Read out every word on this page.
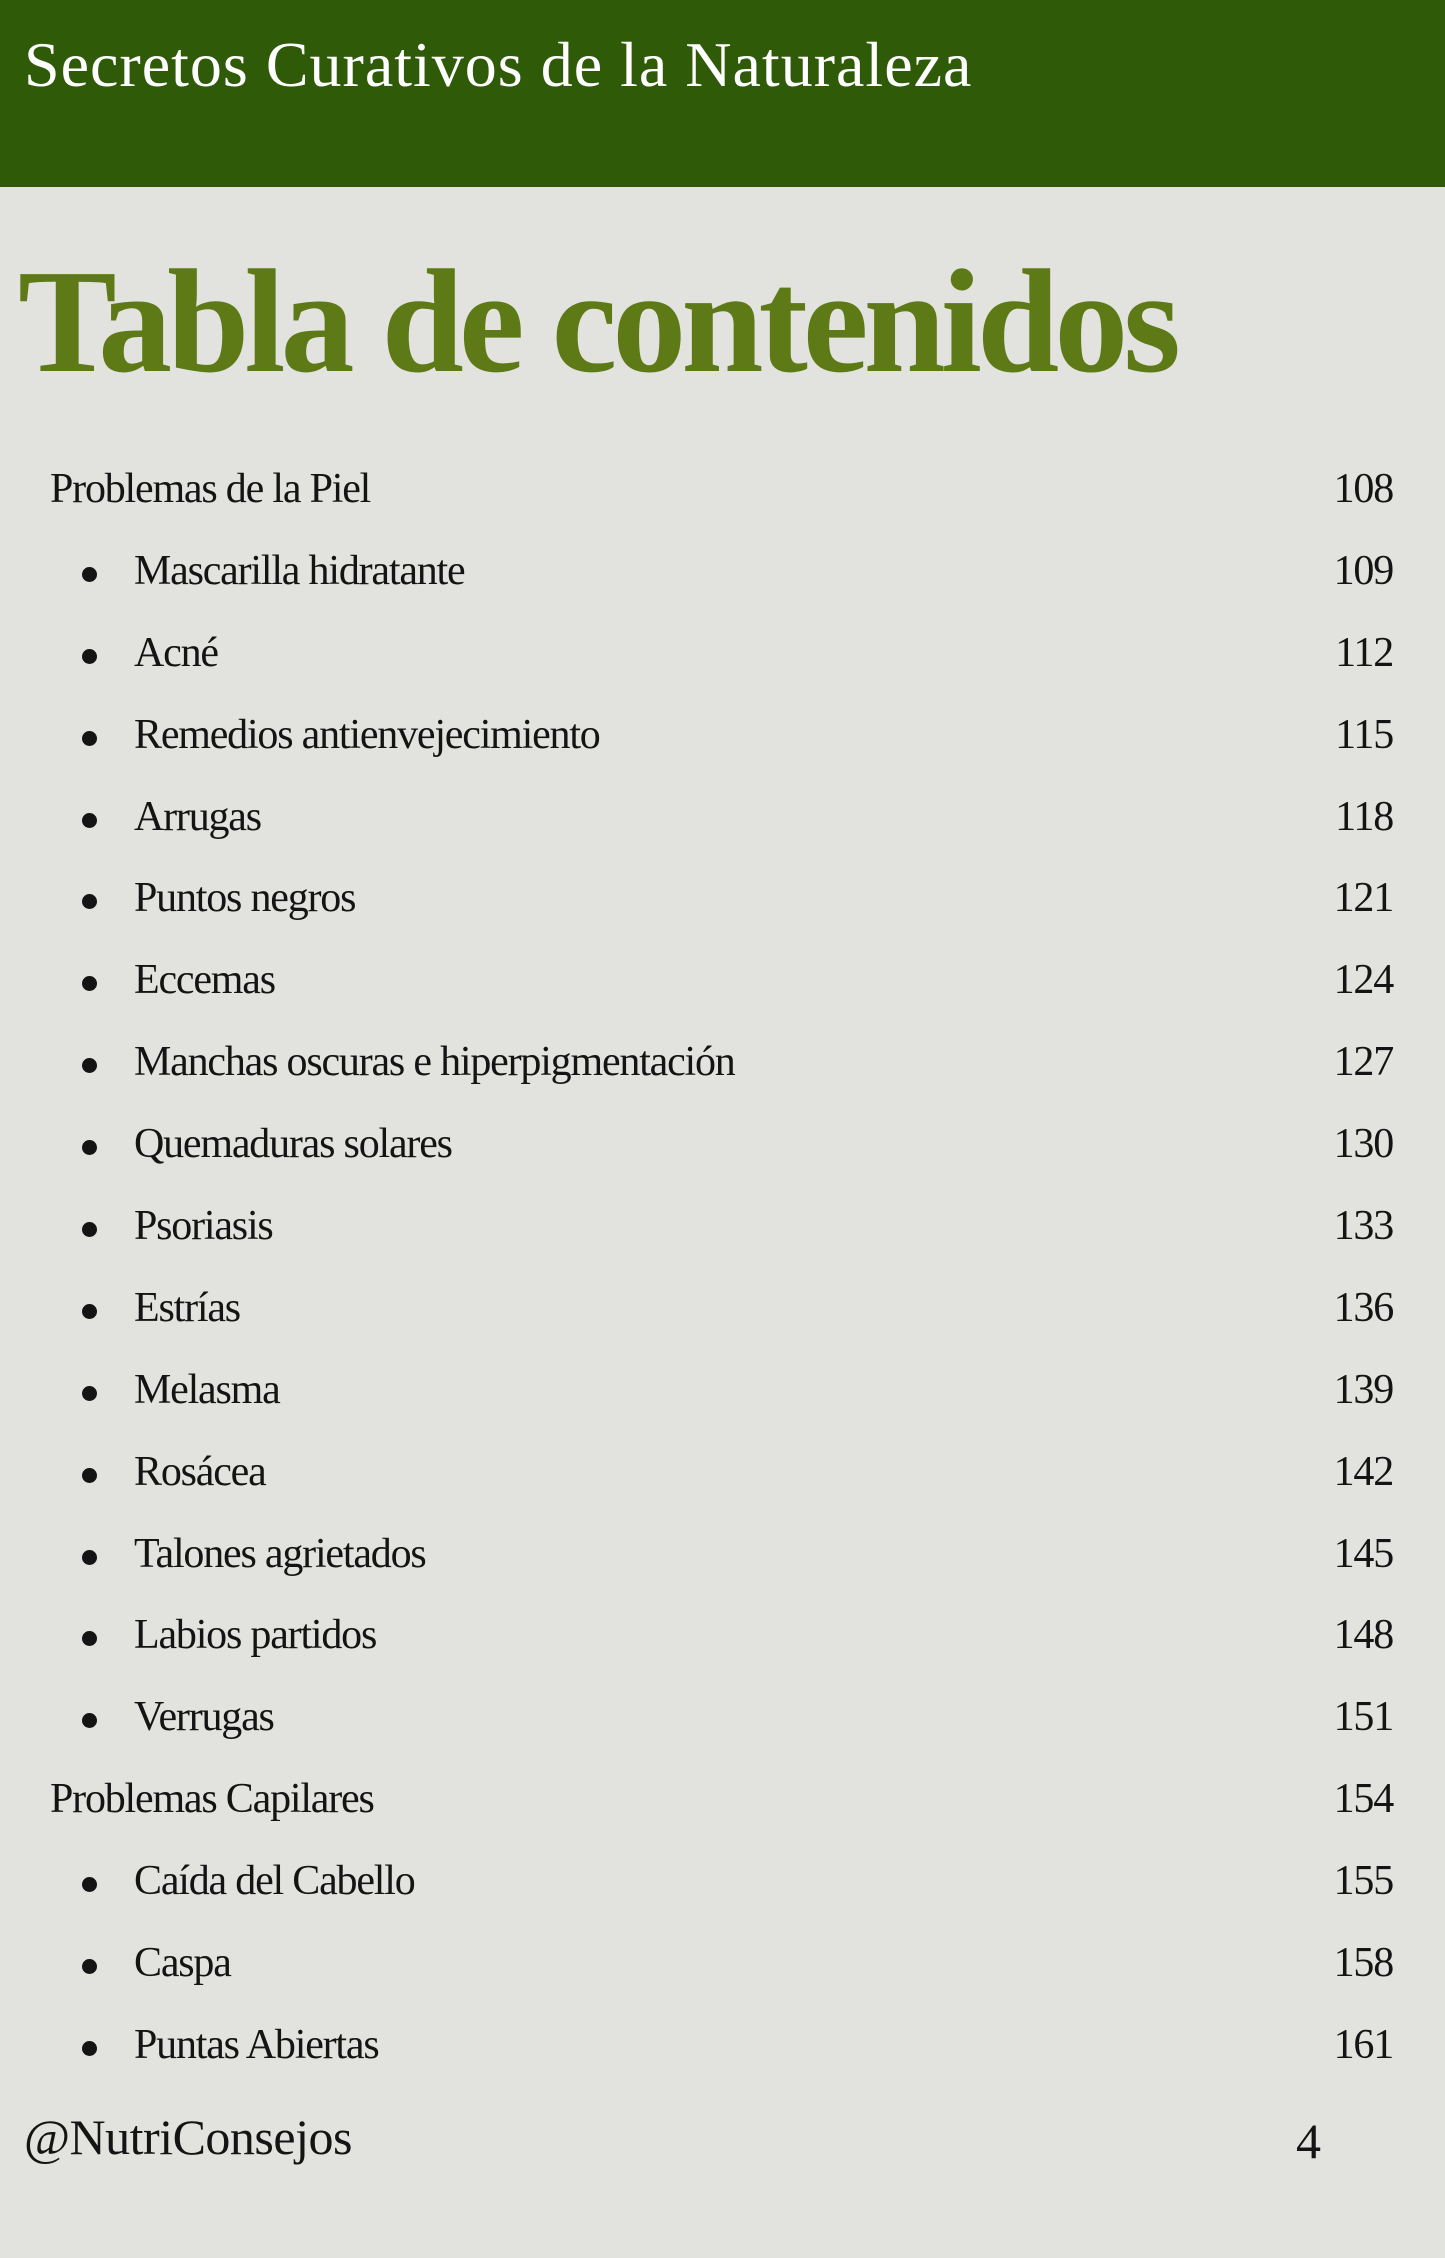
Secretos Curativos de la Naturaleza
Tabla de contenidos
Problemas de la Piel	108
Mascarilla hidratante	109
Acné	112
Remedios antienvejecimiento	115
Arrugas	118
Puntos negros	121
Eccemas	124
Manchas oscuras e hiperpigmentación	127
Quemaduras solares	130
Psoriasis	133
Estrías	136
Melasma	139
Rosácea	142
Talones agrietados	145
Labios partidos	148
Verrugas	151
Problemas Capilares	154
Caída del Cabello	155
Caspa	158
Puntas Abiertas	161
@NutriConsejos	4
